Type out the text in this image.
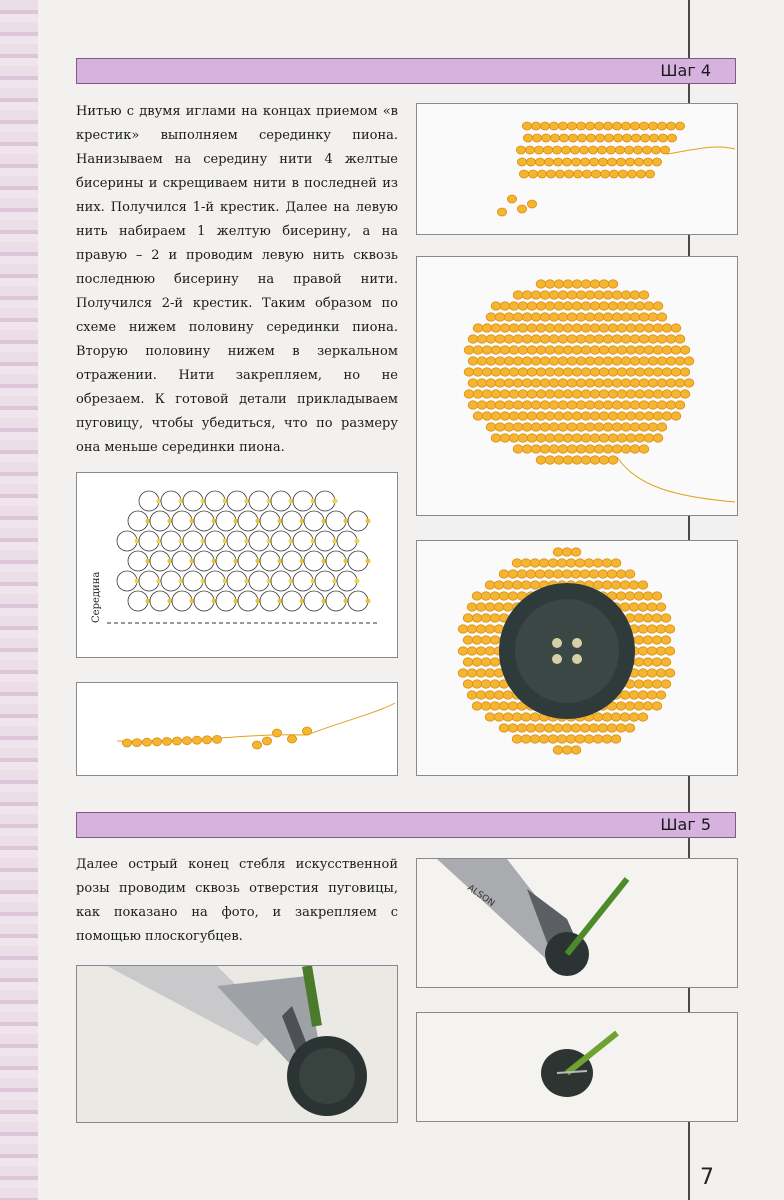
Шаг 4
Нитью с двумя иглами на концах приемом «в крестик» выполняем серединку пиона. Нанизываем на середину нити 4 желтые бисерины и скрещиваем нити в последней из них. Получился 1-й крестик. Далее на левую нить набираем 1 желтую бисерину, а на правую – 2 и проводим левую нить сквозь последнюю бисерину на правой нити. Получился 2-й крестик. Таким образом по схеме нижем половину серединки пиона. Вторую половину нижем в зеркальном отражении. Нити закрепляем, но не обрезаем. К готовой детали прикладываем пуговицу, чтобы убедиться, что по размеру она меньше серединки пиона.
Середина
Шаг 5
Далее острый конец стебля искусственной розы проводим сквозь отверстия пуговицы, как показано на фото, и закрепляем с помощью плоскогубцев.
ALSON
7
